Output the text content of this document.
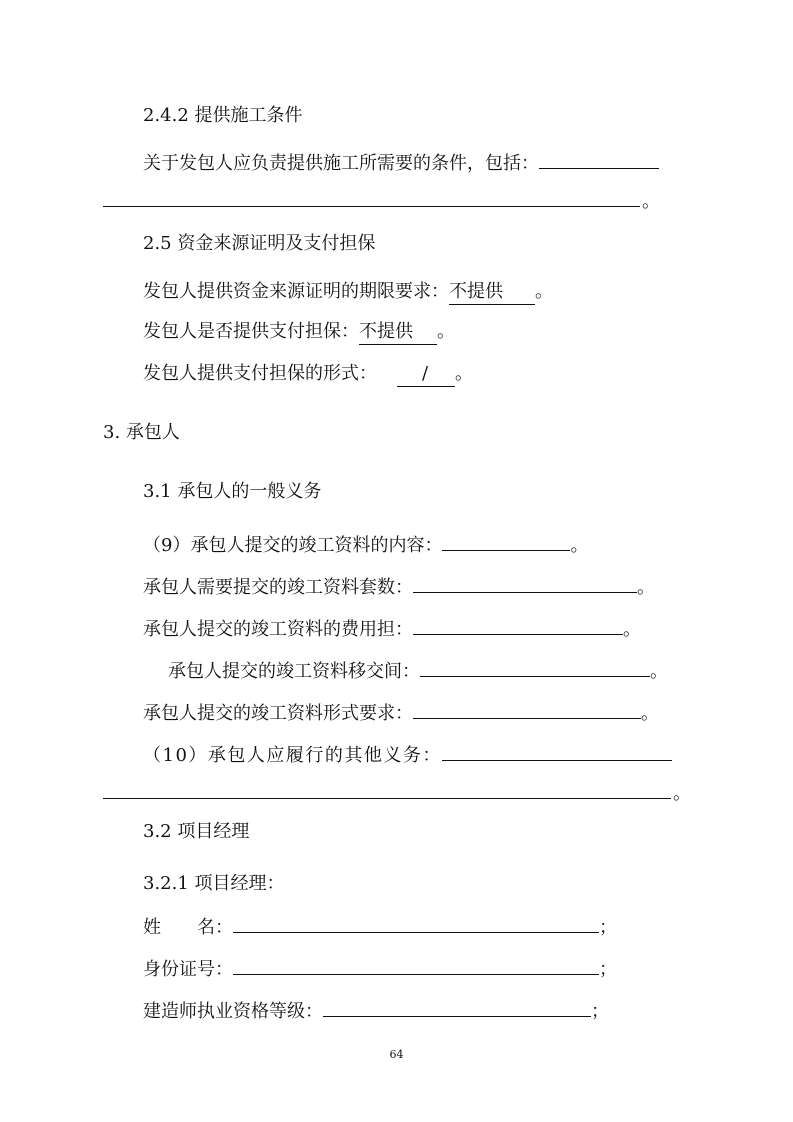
2.4.2 提供施工条件
关于发包人应负责提供施工所需要的条件，包括：
。
2.5 资金来源证明及支付担保
发包人提供资金来源证明的期限要求：不提供 。
发包人是否提供支付担保：不提供 。
发包人提供支付担保的形式： / 。
3. 承包人
3.1 承包人的一般义务
（9）承包人提交的竣工资料的内容：	。
承包人需要提交的竣工资料套数：	。
承包人提交的竣工资料的费用担：	。
承包人提交的竣工资料移交间：	。
承包人提交的竣工资料形式要求：	。
（10）承包人应履行的其他义务：
。
3.2 项目经理
3.2.1 项目经理：
姓　　名：	；
身份证号：	；
建造师执业资格等级：	；
64
